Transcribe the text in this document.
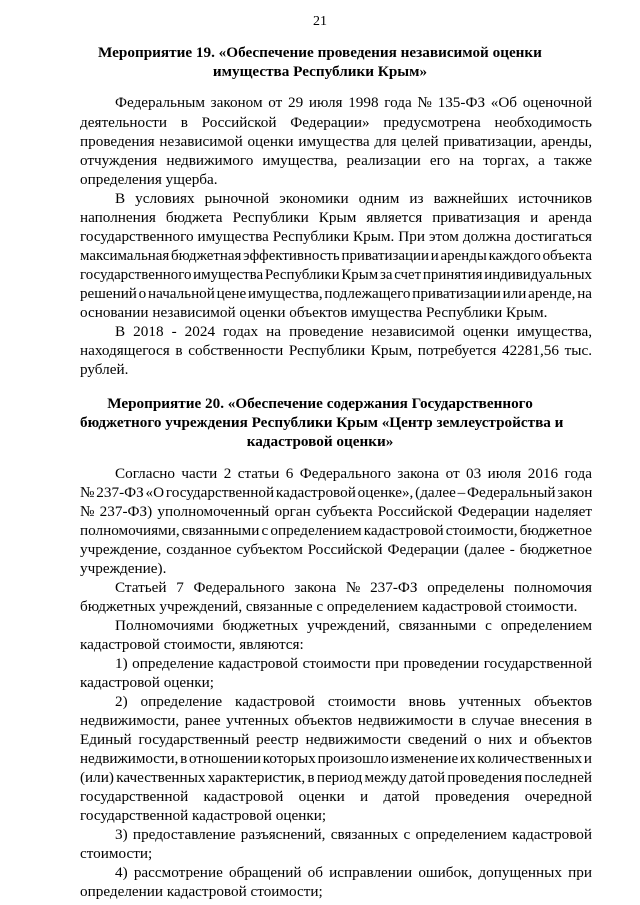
21
Мероприятие 19. «Обеспечение проведения независимой оценки
имущества Республики Крым»
Федеральным законом от 29 июля 1998 года № 135-ФЗ «Об оценочной
деятельности в Российской Федерации» предусмотрена необходимость
проведения независимой оценки имущества для целей приватизации, аренды,
отчуждения недвижимого имущества, реализации его на торгах, а также
определения ущерба.
В условиях рыночной экономики одним из важнейших источников
наполнения бюджета Республики Крым является приватизация и аренда
государственного имущества Республики Крым. При этом должна достигаться
максимальная бюджетная эффективность приватизации и аренды каждого объекта
государственного имущества Республики Крым за счет принятия индивидуальных
решений о начальной цене имущества, подлежащего приватизации или аренде, на
основании независимой оценки объектов имущества Республики Крым.
В 2018 - 2024 годах на проведение независимой оценки имущества,
находящегося в собственности Республики Крым, потребуется 42281,56 тыс.
рублей.
Мероприятие 20. «Обеспечение содержания Государственного
бюджетного учреждения Республики Крым «Центр землеустройства и
кадастровой оценки»
Согласно части 2 статьи 6 Федерального закона от 03 июля 2016 года
№ 237-ФЗ «О государственной кадастровой оценке», (далее – Федеральный закон
№ 237-ФЗ) уполномоченный орган субъекта Российской Федерации наделяет
полномочиями, связанными с определением кадастровой стоимости, бюджетное
учреждение, созданное субъектом Российской Федерации (далее - бюджетное
учреждение).
Статьей 7 Федерального закона № 237-ФЗ определены полномочия
бюджетных учреждений, связанные с определением кадастровой стоимости.
Полномочиями бюджетных учреждений, связанными с определением
кадастровой стоимости, являются:
1) определение кадастровой стоимости при проведении государственной
кадастровой оценки;
2) определение кадастровой стоимости вновь учтенных объектов
недвижимости, ранее учтенных объектов недвижимости в случае внесения в
Единый государственный реестр недвижимости сведений о них и объектов
недвижимости, в отношении которых произошло изменение их количественных и
(или) качественных характеристик, в период между датой проведения последней
государственной кадастровой оценки и датой проведения очередной
государственной кадастровой оценки;
3) предоставление разъяснений, связанных с определением кадастровой
стоимости;
4) рассмотрение обращений об исправлении ошибок, допущенных при
определении кадастровой стоимости;
